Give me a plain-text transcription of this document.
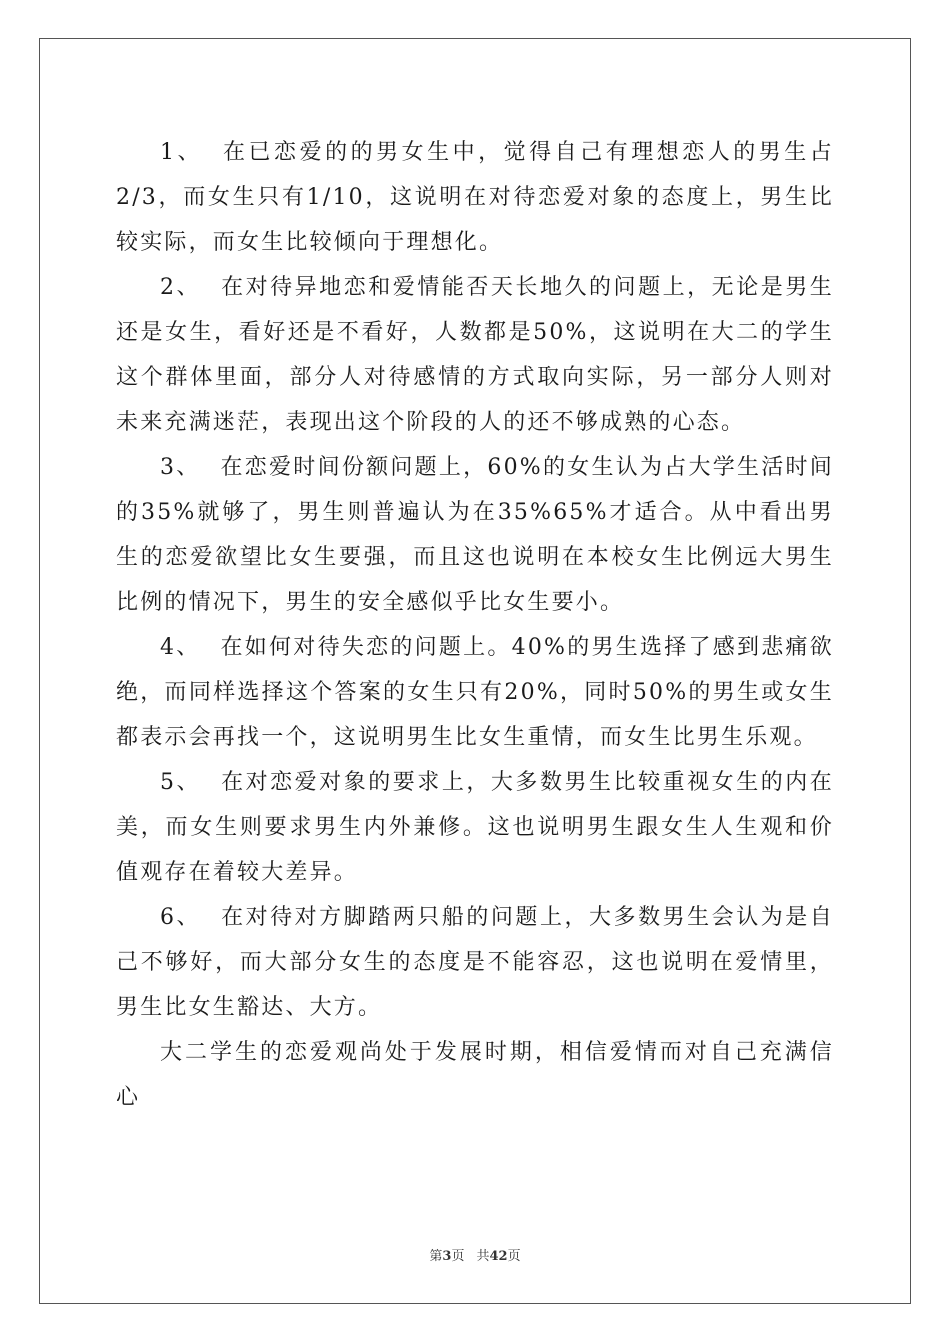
1、 在已恋爱的的男女生中，觉得自己有理想恋人的男生占2/3，而女生只有1/10，这说明在对待恋爱对象的态度上，男生比较实际，而女生比较倾向于理想化。

2、 在对待异地恋和爱情能否天长地久的问题上，无论是男生还是女生，看好还是不看好，人数都是50%，这说明在大二的学生这个群体里面，部分人对待感情的方式取向实际，另一部分人则对未来充满迷茫，表现出这个阶段的人的还不够成熟的心态。

3、 在恋爱时间份额问题上，60%的女生认为占大学生活时间的35%就够了，男生则普遍认为在35%65%才适合。从中看出男生的恋爱欲望比女生要强，而且这也说明在本校女生比例远大男生比例的情况下，男生的安全感似乎比女生要小。

4、 在如何对待失恋的问题上。40%的男生选择了感到悲痛欲绝，而同样选择这个答案的女生只有20%，同时50%的男生或女生都表示会再找一个，这说明男生比女生重情，而女生比男生乐观。

5、 在对恋爱对象的要求上，大多数男生比较重视女生的内在美，而女生则要求男生内外兼修。这也说明男生跟女生人生观和价值观存在着较大差异。

6、 在对待对方脚踏两只船的问题上，大多数男生会认为是自己不够好，而大部分女生的态度是不能容忍，这也说明在爱情里，男生比女生豁达、大方。

大二学生的恋爱观尚处于发展时期，相信爱情而对自己充满信心

第3页 共42页
